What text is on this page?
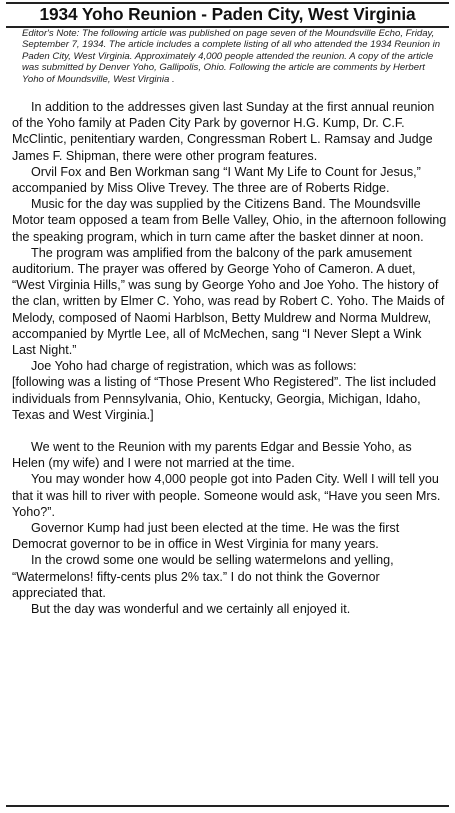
1934 Yoho Reunion - Paden City, West Virginia

Editor's Note: The following article was published on page seven of the Moundsville Echo, Friday, September 7, 1934. The article includes a complete listing of all who attended the 1934 Reunion in Paden City, West Virginia. Approximately 4,000 people attended the reunion. A copy of the article was submitted by Denver Yoho, Gallipolis, Ohio. Following the article are comments by Herbert Yoho of Moundsville, West Virginia .

In addition to the addresses given last Sunday at the first annual reunion of the Yoho family at Paden City Park by governor H.G. Kump, Dr. C.F. McClintic, penitentiary warden, Congressman Robert L. Ramsay and Judge James F. Shipman, there were other program features.

Orvil Fox and Ben Workman sang “I Want My Life to Count for Jesus,” accompanied by Miss Olive Trevey. The three are of Roberts Ridge.

Music for the day was supplied by the Citizens Band. The Moundsville Motor team opposed a team from Belle Valley, Ohio, in the afternoon following the speaking program, which in turn came after the basket dinner at noon.

The program was amplified from the balcony of the park amusement auditorium. The prayer was offered by George Yoho of Cameron. A duet, “West Virginia Hills,” was sung by George Yoho and Joe Yoho. The history of the clan, written by Elmer C. Yoho, was read by Robert C. Yoho. The Maids of Melody, composed of Naomi Harblson, Betty Muldrew and Norma Muldrew, accompanied by Myrtle Lee, all of McMechen, sang “I Never Slept a Wink Last Night.”

Joe Yoho had charge of registration, which was as follows:

[following was a listing of “Those Present Who Registered”. The list included individuals from Pennsylvania, Ohio, Kentucky, Georgia, Michigan, Idaho, Texas and West Virginia.]

We went to the Reunion with my parents Edgar and Bessie Yoho, as Helen (my wife) and I were not married at the time.

You may wonder how 4,000 people got into Paden City. Well I will tell you that it was hill to river with people. Someone would ask, “Have you seen Mrs. Yoho?”.

Governor Kump had just been elected at the time. He was the first Democrat governor to be in office in West Virginia for many years.

In the crowd some one would be selling watermelons and yelling, “Watermelons! fifty-cents plus 2% tax.” I do not think the Governor appreciated that.

But the day was wonderful and we certainly all enjoyed it.
